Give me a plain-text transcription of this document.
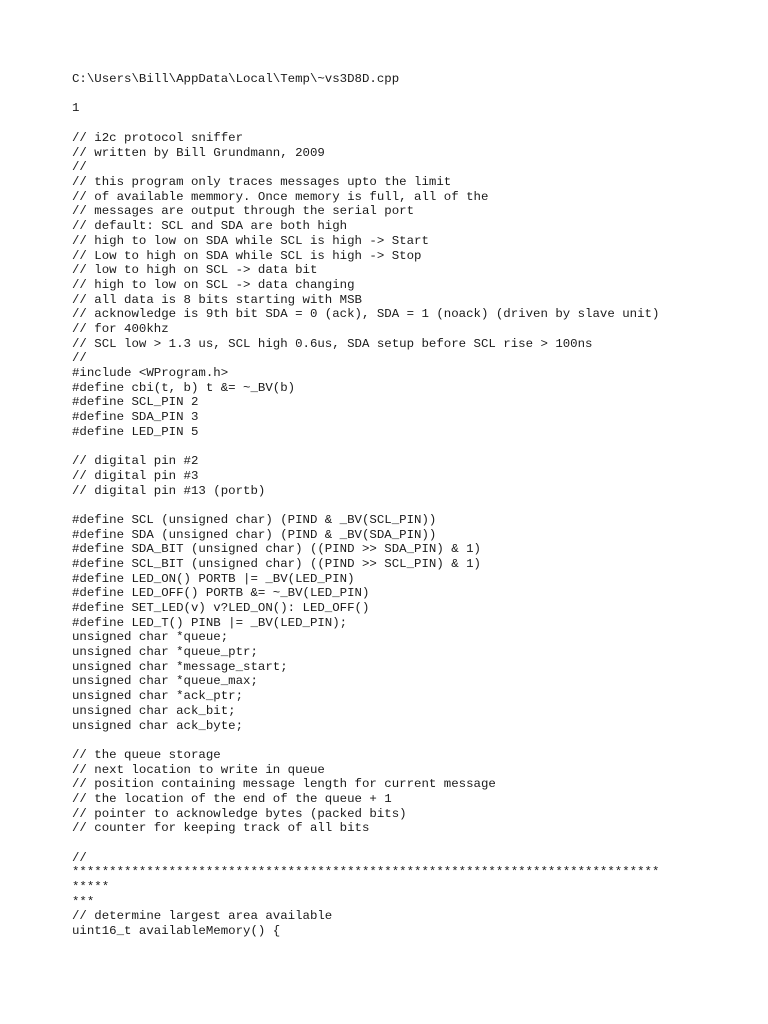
C:\Users\Bill\AppData\Local\Temp\~vs3D8D.cpp
1
// i2c protocol sniffer
// written by Bill Grundmann, 2009
//
// this program only traces messages upto the limit
// of available memmory. Once memory is full, all of the
// messages are output through the serial port
// default: SCL and SDA are both high
// high to low on SDA while SCL is high -> Start
// Low to high on SDA while SCL is high -> Stop
// low to high on SCL -> data bit
// high to low on SCL -> data changing
// all data is 8 bits starting with MSB
// acknowledge is 9th bit SDA = 0 (ack), SDA = 1 (noack) (driven by slave unit)
// for 400khz
// SCL low > 1.3 us, SCL high 0.6us, SDA setup before SCL rise > 100ns
//
#include <WProgram.h>
#define cbi(t, b) t &= ~_BV(b)
#define SCL_PIN 2
#define SDA_PIN 3
#define LED_PIN 5
// digital pin #2
// digital pin #3
// digital pin #13 (portb)
#define SCL (unsigned char) (PIND & _BV(SCL_PIN))
#define SDA (unsigned char) (PIND & _BV(SDA_PIN))
#define SDA_BIT (unsigned char) ((PIND >> SDA_PIN) & 1)
#define SCL_BIT (unsigned char) ((PIND >> SCL_PIN) & 1)
#define LED_ON() PORTB |= _BV(LED_PIN)
#define LED_OFF() PORTB &= ~_BV(LED_PIN)
#define SET_LED(v) v?LED_ON(): LED_OFF()
#define LED_T() PINB |= _BV(LED_PIN);
unsigned char *queue;
unsigned char *queue_ptr;
unsigned char *message_start;
unsigned char *queue_max;
unsigned char *ack_ptr;
unsigned char ack_bit;
unsigned char ack_byte;
// the queue storage
// next location to write in queue
// position containing message length for current message
// the location of the end of the queue + 1
// pointer to acknowledge bytes (packed bits)
// counter for keeping track of all bits
//
*******************************************************************************
*****
***
// determine largest area available
uint16_t availableMemory() {
